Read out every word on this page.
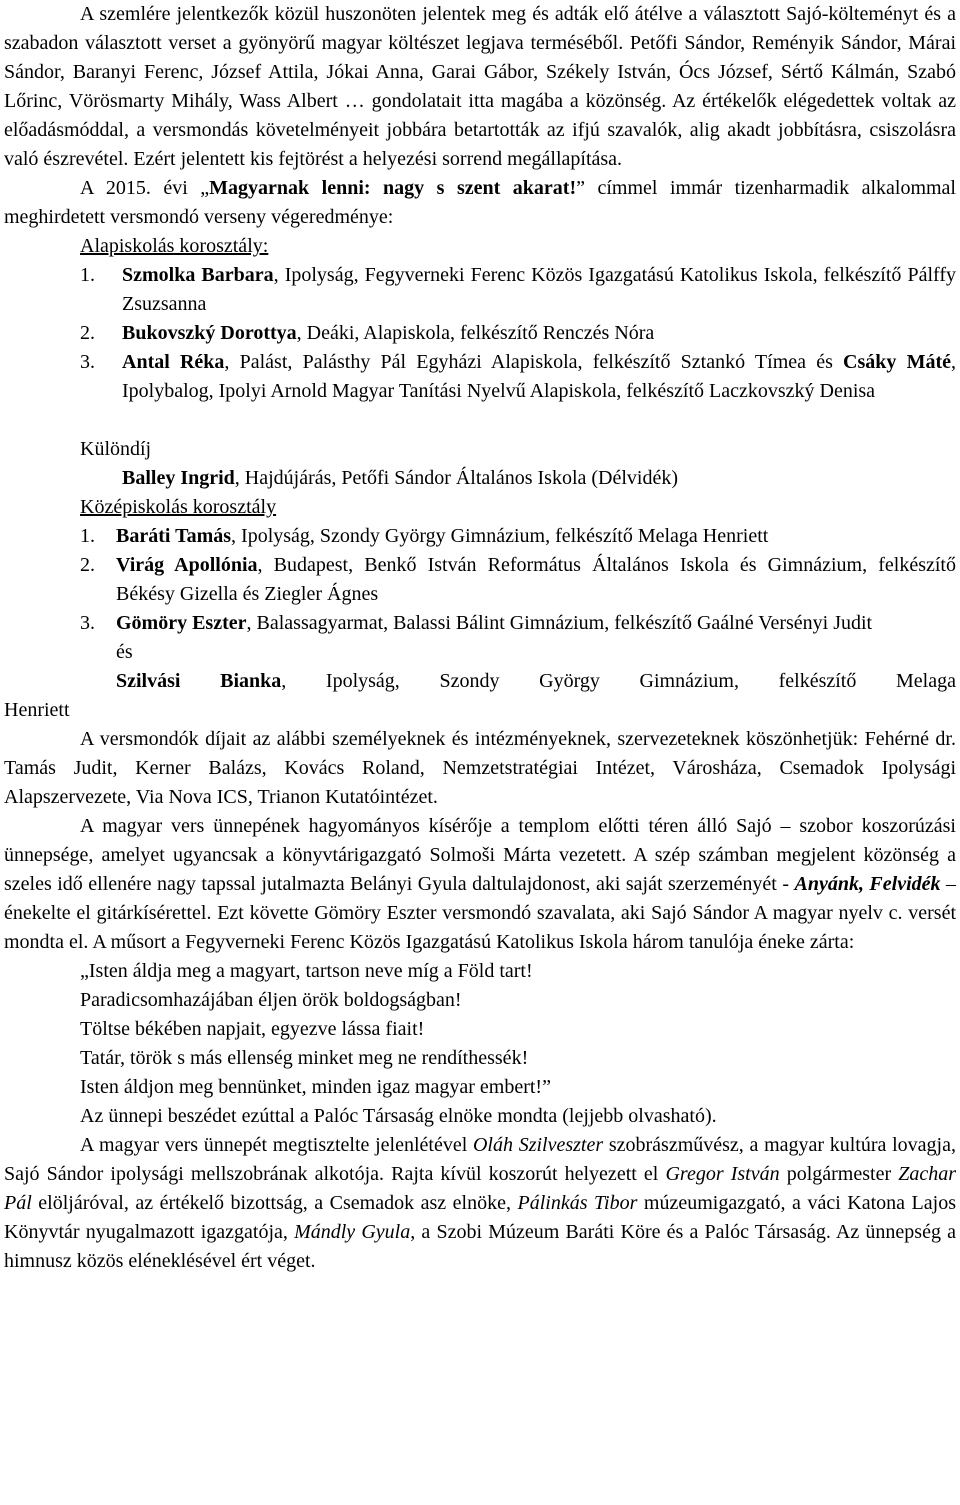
A szemlére jelentkezők közül huszonöten jelentek meg és adták elő átélve a választott Sajó-költeményt és a szabadon választott verset a gyönyörű magyar költészet legjava terméséből. Petőfi Sándor, Reményik Sándor, Márai Sándor, Baranyi Ferenc, József Attila, Jókai Anna, Garai Gábor, Székely István, Ócs József, Sértő Kálmán, Szabó Lőrinc, Vörösmarty Mihály, Wass Albert … gondolatait itta magába a közönség. Az értékelők elégedettek voltak az előadásmóddal, a versmondás követelményeit jobbára betartották az ifjú szavalók, alig akadt jobbításra, csiszolásra való észrevétel. Ezért jelentett kis fejtörést a helyezési sorrend megállapítása.

A 2015. évi „Magyarnak lenni: nagy s szent akarat!” címmel immár tizenharmadik alkalommal meghirdetett versmondó verseny végeredménye:

Alapiskolás korosztály:
1. Szmolka Barbara, Ipolyság, Fegyverneki Ferenc Közös Igazgatású Katolikus Iskola, felkészítő Pálffy Zsuzsanna
2. Bukovszký Dorottya, Deáki, Alapiskola, felkészítő Renczés Nóra
3. Antal Réka, Palást, Palásthy Pál Egyházi Alapiskola, felkészítő Sztankó Tímea és Csáky Máté, Ipolybalog, Ipolyi Arnold Magyar Tanítási Nyelvű Alapiskola, felkészítő Laczkovszký Denisa
Különdíj
Balley Ingrid, Hajdújárás, Petőfi Sándor Általános Iskola (Délvidék)
Középiskolás korosztály
1. Baráti Tamás, Ipolyság, Szondy György Gimnázium, felkészítő Melaga Henriett
2. Virág Apollónia, Budapest, Benkő István Református Általános Iskola és Gimnázium, felkészítő Békésy Gizella és Ziegler Ágnes
3. Gömöry Eszter, Balassagyarmat, Balassi Bálint Gimnázium, felkészítő Gaálné Versényi Judit
és

Szilvási Bianka, Ipolyság, Szondy György Gimnázium, felkészítő Melaga

Henriett

A versmondók díjait az alábbi személyeknek és intézményeknek, szervezeteknek köszönhetjük: Fehérné dr. Tamás Judit, Kerner Balázs, Kovács Roland, Nemzetstratégiai Intézet, Városháza, Csemadok Ipolysági Alapszervezete, Via Nova ICS, Trianon Kutatóintézet.

A magyar vers ünnepének hagyományos kísérője a templom előtti téren álló Sajó – szobor koszorúzási ünnepsége, amelyet ugyancsak a könyvtárigazgató Solmoši Márta vezetett. A szép számban megjelent közönség a szeles idő ellenére nagy tapssal jutalmazta Belányi Gyula daltulajdonost, aki saját szerzeményét - Anyánk, Felvidék – énekelte el gitárkísérettel. Ezt követte Gömöry Eszter versmondó szavalata, aki Sajó Sándor A magyar nyelv c. versét mondta el. A műsort a Fegyverneki Ferenc Közös Igazgatású Katolikus Iskola három tanulója éneke zárta:

„Isten áldja meg a magyart, tartson neve míg a Föld tart!
Paradicsomhazájában éljen örök boldogságban!
Töltse békében napjait, egyezve lássa fiait!
Tatár, török s más ellenség minket meg ne rendíthessék!
Isten áldjon meg bennünket, minden igaz magyar embert!”
Az ünnepi beszédet ezúttal a Palóc Társaság elnöke mondta (lejjebb olvasható).

A magyar vers ünnepét megtisztelte jelenlétével Oláh Szilveszter szobrászművész, a magyar kultúra lovagja, Sajó Sándor ipolysági mellszobrának alkotója. Rajta kívül koszorút helyezett el Gregor István polgármester Zachar Pál elöljáróval, az értékelő bizottság, a Csemadok asz elnöke, Pálinkás Tibor múzeumigazgató, a váci Katona Lajos Könyvtár nyugalmazott igazgatója, Mándly Gyula, a Szobi Múzeum Baráti Köre és a Palóc Társaság. Az ünnepség a himnusz közös eléneklésével ért véget.
